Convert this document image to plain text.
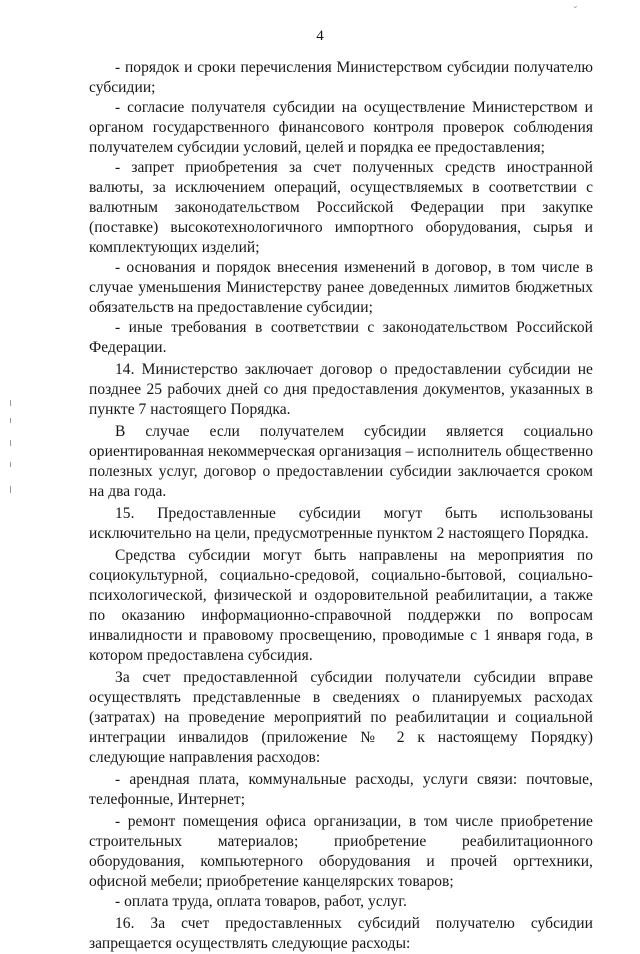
⌄
4

- порядок и сроки перечисления Министерством субсидии получателю субсидии;

- согласие получателя субсидии на осуществление Министерством и органом государственного финансового контроля проверок соблюдения получателем субсидии условий, целей и порядка ее предоставления;

- запрет приобретения за счет полученных средств иностранной валюты, за исключением операций, осуществляемых в соответствии с валютным законодательством Российской Федерации при закупке (поставке) высокотехнологичного импортного оборудования, сырья и комплектующих изделий;

- основания и порядок внесения изменений в договор, в том числе в случае уменьшения Министерству ранее доведенных лимитов бюджетных обязательств на предоставление субсидии;

- иные требования в соответствии с законодательством Российской Федерации.

14. Министерство заключает договор о предоставлении субсидии не позднее 25 рабочих дней со дня предоставления документов, указанных в пункте 7 настоящего Порядка.

В случае если получателем субсидии является социально ориентированная некоммерческая организация – исполнитель общественно полезных услуг, договор о предоставлении субсидии заключается сроком на два года.

15. Предоставленные субсидии могут быть использованы исключительно на цели, предусмотренные пунктом 2 настоящего Порядка.

Средства субсидии могут быть направлены на мероприятия по социокультурной, социально-средовой, социально-бытовой, социально-психологической, физической и оздоровительной реабилитации, а также по оказанию информационно-справочной поддержки по вопросам инвалидности и правовому просвещению, проводимые с 1 января года, в котором предоставлена субсидия.

За счет предоставленной субсидии получатели субсидии вправе осуществлять представленные в сведениях о планируемых расходах (затратах) на проведение мероприятий по реабилитации и социальной интеграции инвалидов (приложение № 2 к настоящему Порядку) следующие направления расходов:

- арендная плата, коммунальные расходы, услуги связи: почтовые, телефонные, Интернет;

- ремонт помещения офиса организации, в том числе приобретение строительных материалов; приобретение реабилитационного оборудования, компьютерного оборудования и прочей оргтехники, офисной мебели; приобретение канцелярских товаров;

- оплата труда, оплата товаров, работ, услуг.

16. За счет предоставленных субсидий получателю субсидии запрещается осуществлять следующие расходы:
